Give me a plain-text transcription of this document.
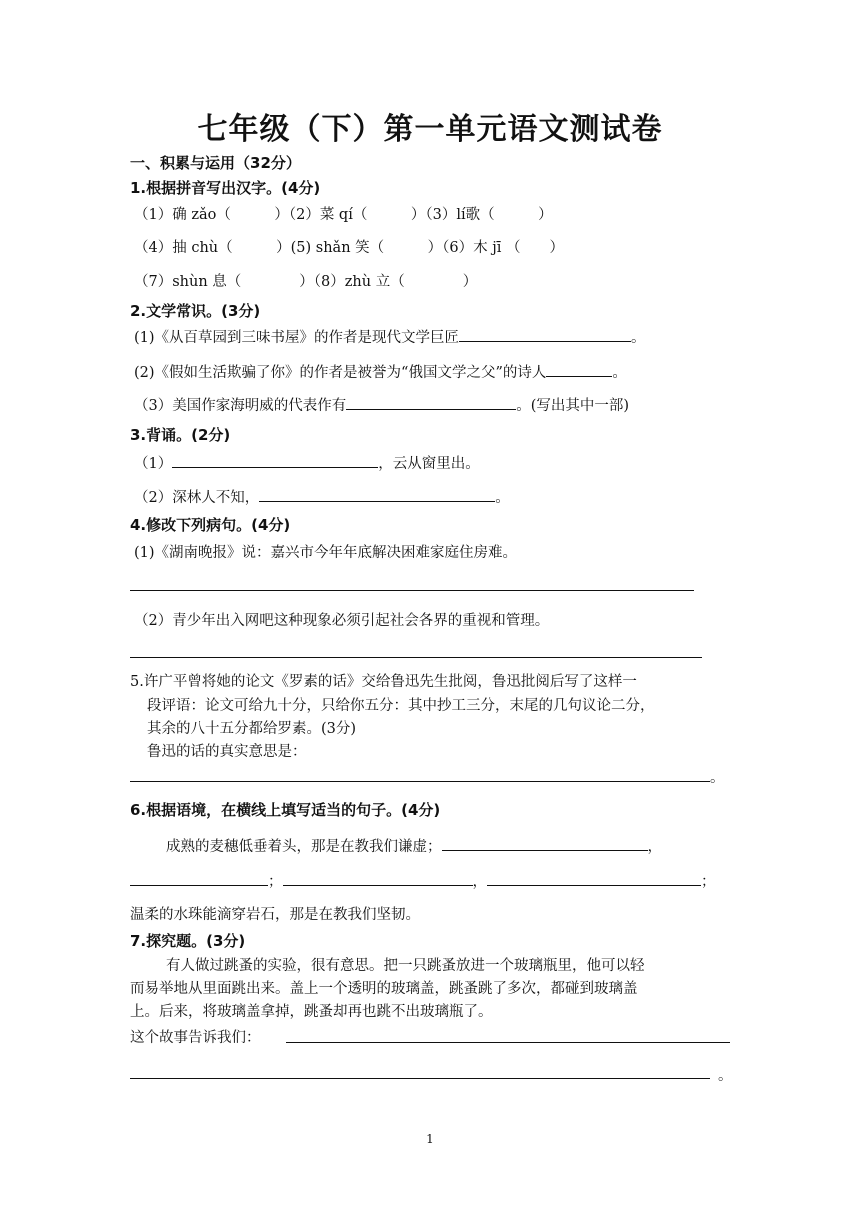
七年级（下）第一单元语文测试卷
一、积累与运用（32分）
1.根据拼音写出汉字。(4分)
（1）确 zǎo（　　　）（2）菜 qí（　　　）（3）lí歌（　　　）
（4）抽 chù（　　　）(5) shǎn 笑（　　　）（6）木 jī （　　）
（7）shùn 息（　　　　）（8）zhù 立（　　　　）
2.文学常识。(3分)
(1)《从百草园到三味书屋》的作者是现代文学巨匠	。
(2)《假如生活欺骗了你》的作者是被誉为“俄国文学之父”的诗人	。
（3）美国作家海明威的代表作有	。(写出其中一部)
3.背诵。(2分)
（1）	，云从窗里出。
（2）深林人不知，	。
4.修改下列病句。(4分)
(1)《湖南晚报》说：嘉兴市今年年底解决困难家庭住房难。
（2）青少年出入网吧这种现象必须引起社会各界的重视和管理。
5.许广平曾将她的论文《罗素的话》交给鲁迅先生批阅，鲁迅批阅后写了这样一
段评语：论文可给九十分，只给你五分：其中抄工三分，末尾的几句议论二分，
其余的八十五分都给罗素。(3分)
鲁迅的话的真实意思是：
。
6.根据语境，在横线上填写适当的句子。(4分)
成熟的麦穗低垂着头，那是在教我们谦虚；	，
；	，	；
温柔的水珠能滴穿岩石，那是在教我们坚韧。
7.探究题。(3分)
有人做过跳蚤的实验，很有意思。把一只跳蚤放进一个玻璃瓶里，他可以轻
而易举地从里面跳出来。盖上一个透明的玻璃盖，跳蚤跳了多次，都碰到玻璃盖
上。后来，将玻璃盖拿掉，跳蚤却再也跳不出玻璃瓶了。
这个故事告诉我们：
。
1
